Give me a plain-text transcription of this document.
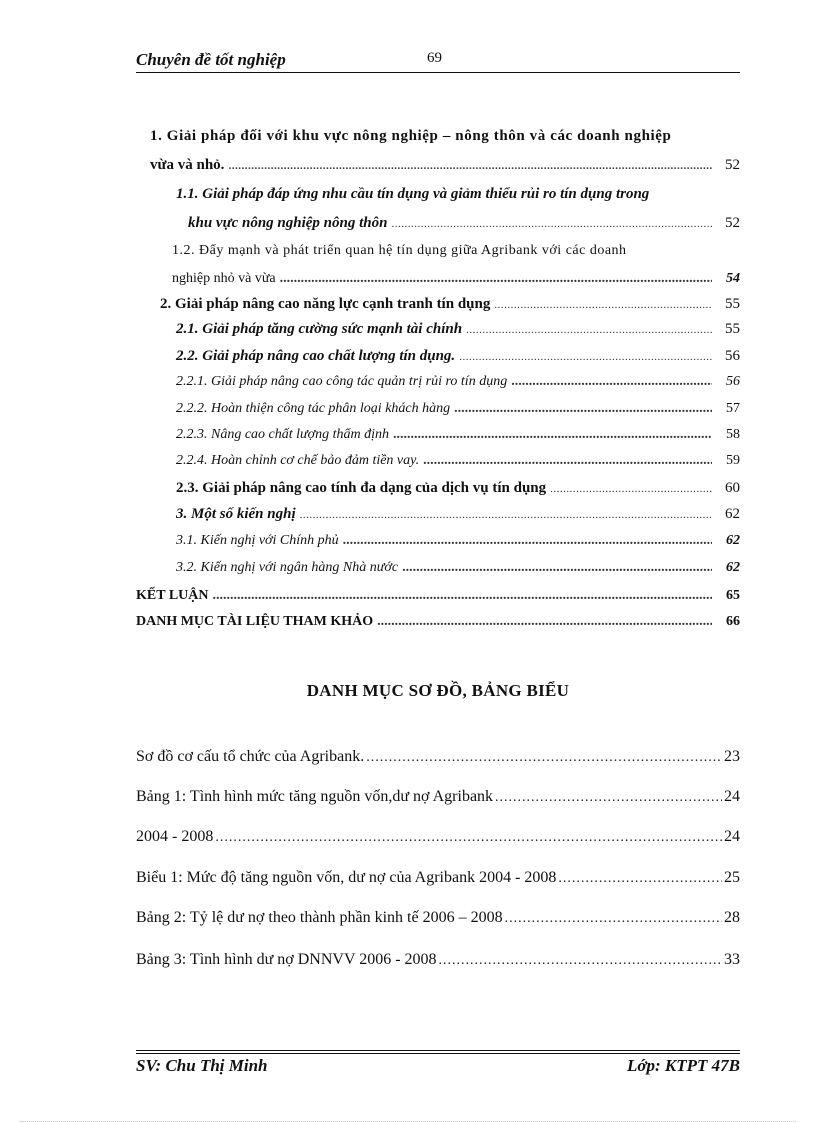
Chuyên đề tốt nghiệp	69
1. Giải pháp đối với khu vực nông nghiệp – nông thôn và các doanh nghiệp
vừa và nhỏ. .....	52
1.1. Giải pháp đáp ứng nhu cầu tín dụng và giảm thiểu rủi ro tín dụng trong
khu vực nông nghiệp nông thôn .....	52
1.2. Đẩy mạnh và phát triển quan hệ tín dụng giữa Agribank với các doanh
nghiệp nhỏ và vừa .....	54
2. Giải pháp nâng cao năng lực cạnh tranh tín dụng .....	55
2.1. Giải pháp tăng cường sức mạnh tài chính .....	55
2.2. Giải pháp nâng cao chất lượng tín dụng. .....	56
2.2.1. Giải pháp nâng cao công tác quản trị rủi ro tín dụng .....	56
2.2.2. Hoàn thiện công tác phân loại khách hàng .....	57
2.2.3. Nâng cao chất lượng thẩm định .....	58
2.2.4. Hoàn chỉnh cơ chế bảo đảm tiền vay. .....	59
2.3. Giải pháp nâng cao tính đa dạng của dịch vụ tín dụng .....	60
3. Một số kiến nghị .....	62
3.1. Kiến nghị với Chính phủ .....	62
3.2. Kiến nghị với ngân hàng Nhà nước .....	62
KẾT LUẬN .....	65
DANH MỤC TÀI LIỆU THAM KHẢO .....	66
DANH MỤC SƠ ĐỒ, BẢNG BIỂU
Sơ đồ cơ cấu tổ chức của Agribank. .....	23
Bảng 1: Tình hình mức tăng nguồn vốn,dư nợ Agribank .....	24
2004 - 2008 .....	24
Biểu 1: Mức độ tăng nguồn vốn, dư nợ của Agribank 2004 - 2008 .....	25
Bảng 2: Tỷ lệ dư nợ theo thành phần kinh tế 2006 – 2008 .....	28
Bảng 3: Tình hình dư nợ DNNVV 2006 - 2008 .....	33
SV: Chu Thị Minh	Lớp: KTPT 47B
